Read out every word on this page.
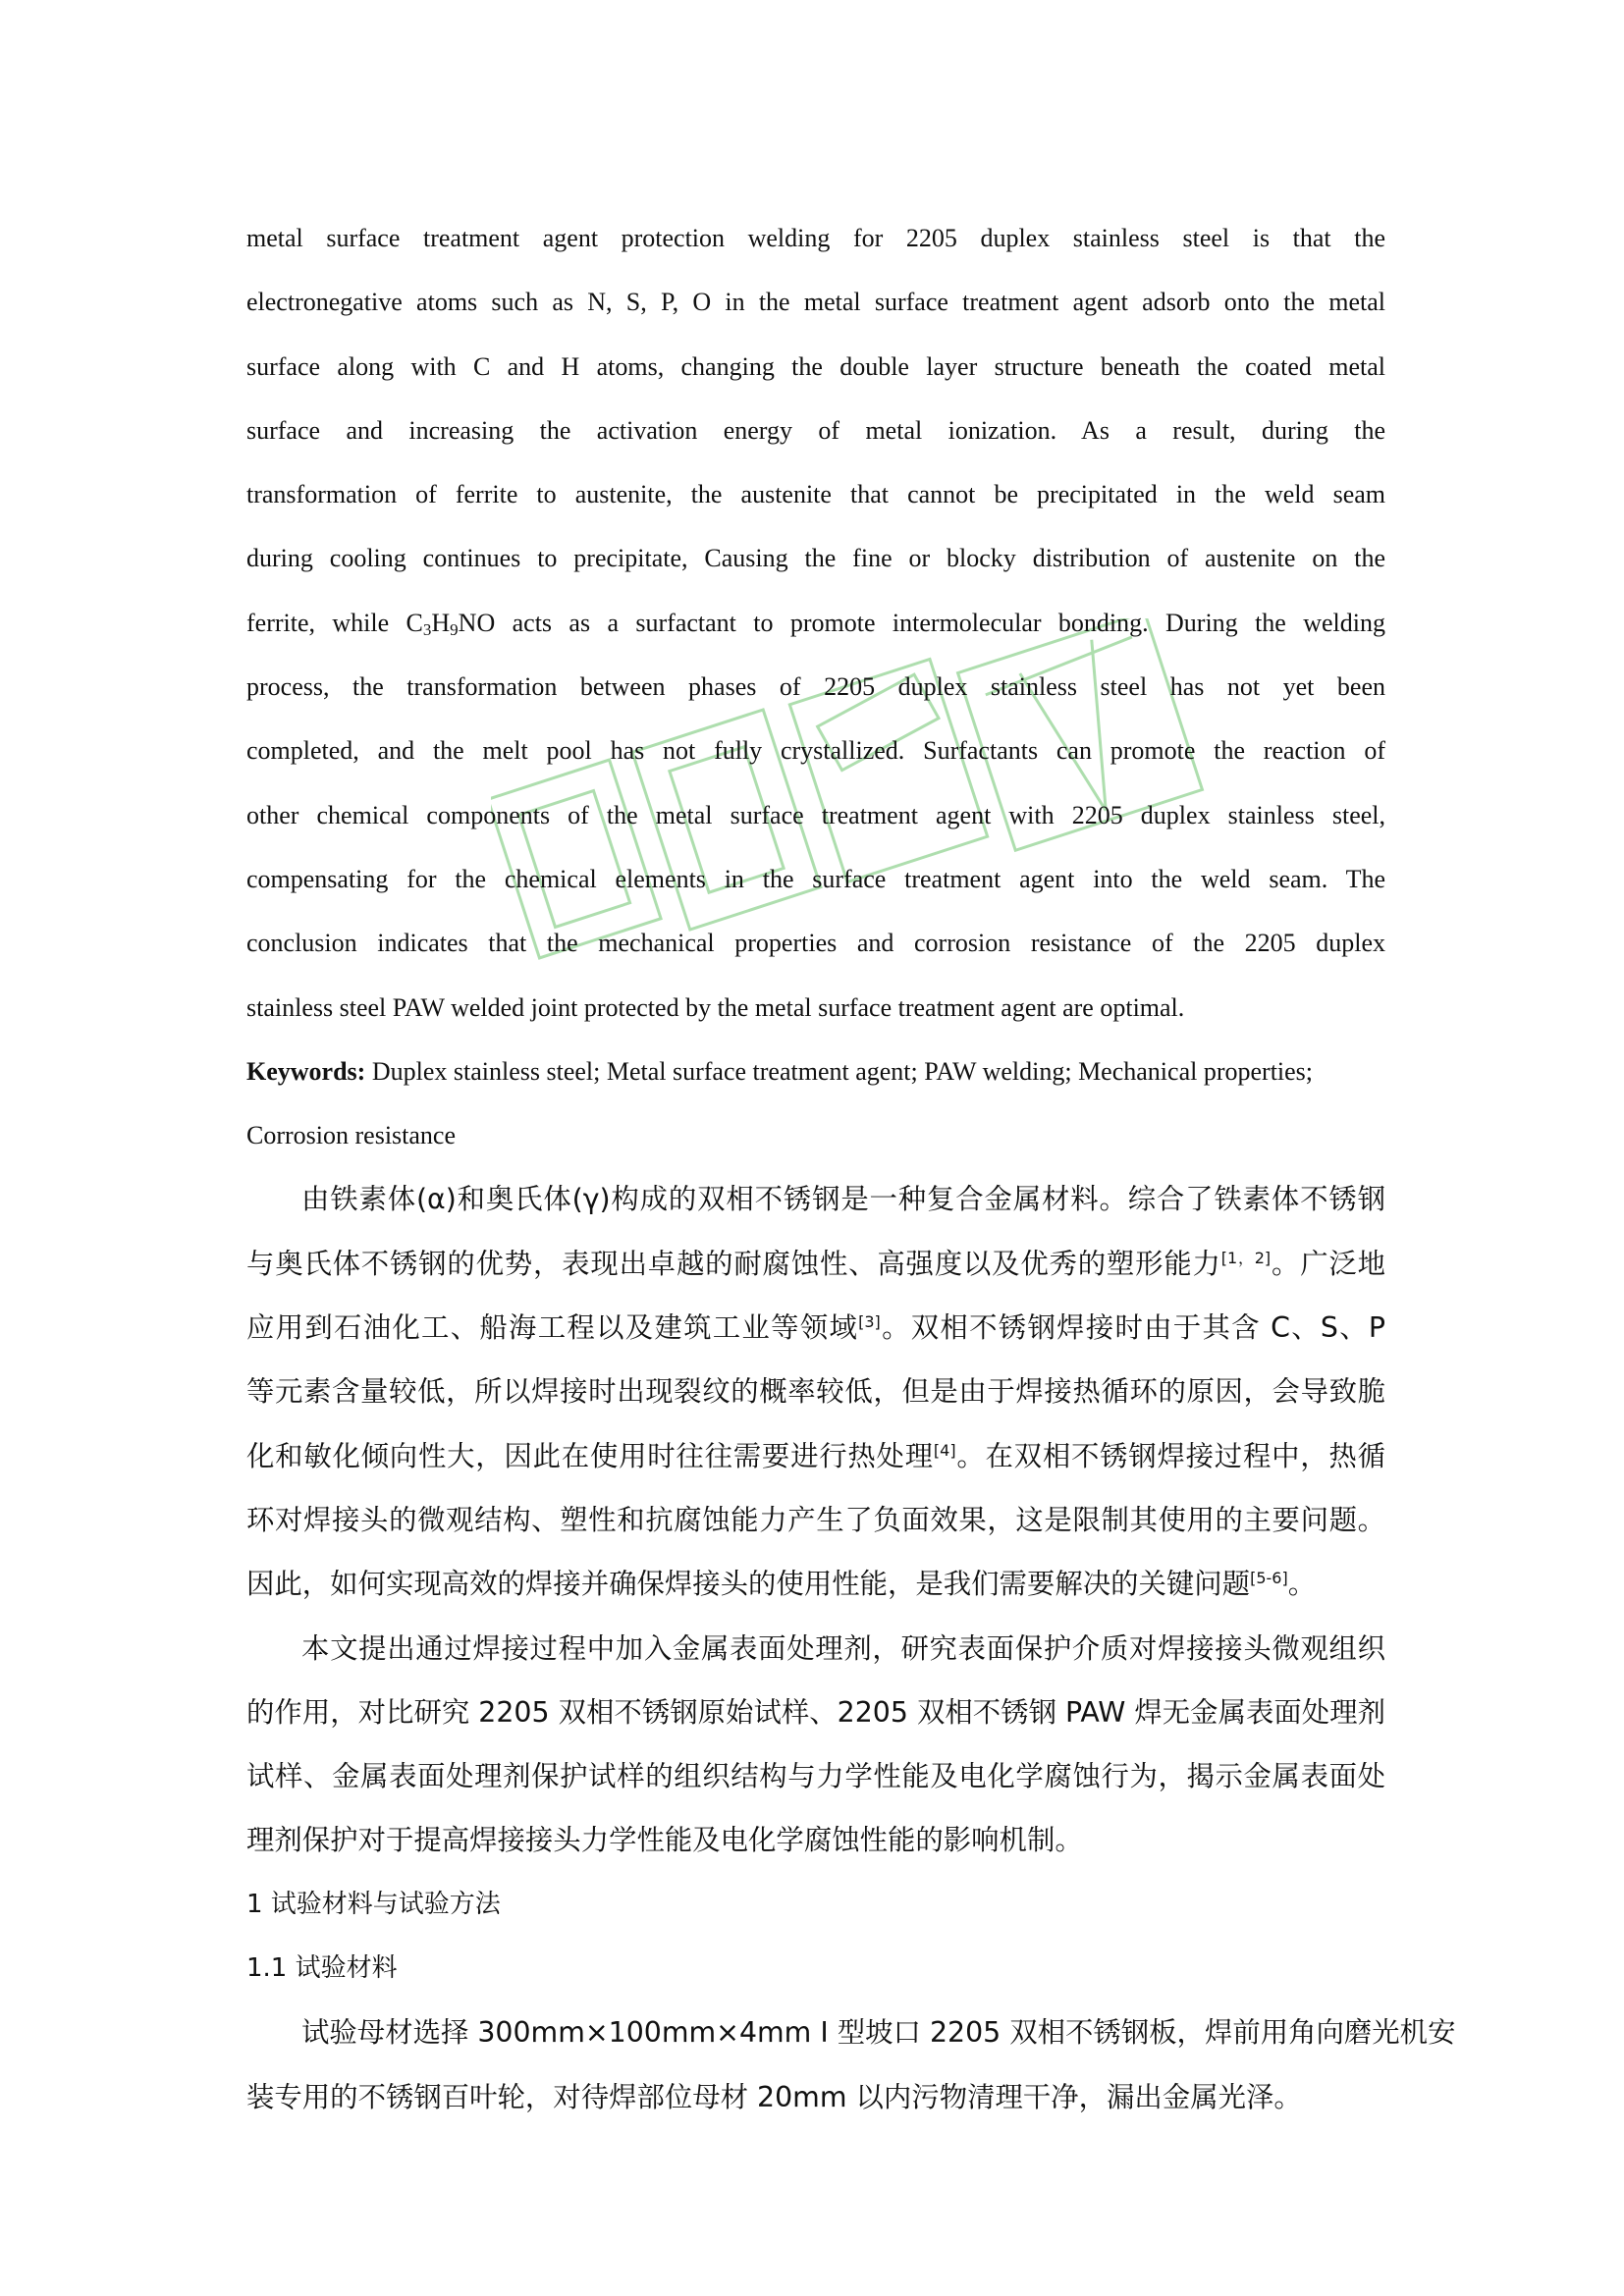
metal surface treatment agent protection welding for 2205 duplex stainless steel is that the
electronegative atoms such as N, S, P, O in the metal surface treatment agent adsorb onto the metal
surface along with C and H atoms, changing the double layer structure beneath the coated metal
surface and increasing the activation energy of metal ionization. As a result, during the
transformation of ferrite to austenite, the austenite that cannot be precipitated in the weld seam
during cooling continues to precipitate, Causing the fine or blocky distribution of austenite on the
ferrite, while $C_3H_9NO$ acts as a surfactant to promote intermolecular bonding. During the welding
process, the transformation between phases of 2205 duplex stainless steel has not yet been
completed, and the melt pool has not fully crystallized. Surfactants can promote the reaction of
other chemical components of the metal surface treatment agent with 2205 duplex stainless steel,
compensating for the chemical elements in the surface treatment agent into the weld seam. The
conclusion indicates that the mechanical properties and corrosion resistance of the 2205 duplex
stainless steel PAW welded joint protected by the metal surface treatment agent are optimal.

Keywords: Duplex stainless steel; Metal surface treatment agent; PAW welding; Mechanical properties; Corrosion resistance

由铁素体(α)和奥氏体(γ)构成的双相不锈钢是一种复合金属材料。综合了铁素体不锈钢
与奥氏体不锈钢的优势，表现出卓越的耐腐蚀性、高强度以及优秀的塑形能力[1，2]。广泛地
应用到石油化工、船海工程以及建筑工业等领域[3]。双相不锈钢焊接时由于其含 C、S、P
等元素含量较低，所以焊接时出现裂纹的概率较低，但是由于焊接热循环的原因，会导致脆
化和敏化倾向性大，因此在使用时往往需要进行热处理[4]。在双相不锈钢焊接过程中，热循
环对焊接头的微观结构、塑性和抗腐蚀能力产生了负面效果，这是限制其使用的主要问题。
因此，如何实现高效的焊接并确保焊接头的使用性能，是我们需要解决的关键问题[5-6]。

本文提出通过焊接过程中加入金属表面处理剂，研究表面保护介质对焊接接头微观组织
的作用，对比研究 2205 双相不锈钢原始试样、2205 双相不锈钢 PAW 焊无金属表面处理剂
试样、金属表面处理剂保护试样的组织结构与力学性能及电化学腐蚀行为，揭示金属表面处
理剂保护对于提高焊接接头力学性能及电化学腐蚀性能的影响机制。

1 试验材料与试验方法

1.1 试验材料

试验母材选择 300mm×100mm×4mm I 型坡口 2205 双相不锈钢板，焊前用角向磨光机安
装专用的不锈钢百叶轮，对待焊部位母材 20mm 以内污物清理干净，漏出金属光泽。
